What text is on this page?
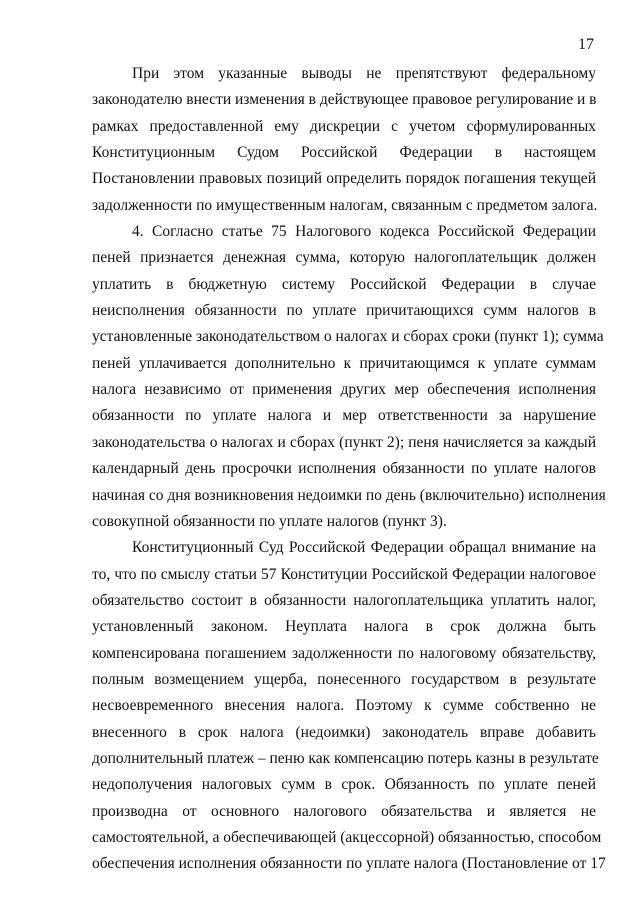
17

При этом указанные выводы не препятствуют федеральному
законодателю внести изменения в действующее правовое регулирование и в
рамках предоставленной ему дискреции с учетом сформулированных
Конституционным Судом Российской Федерации в настоящем
Постановлении правовых позиций определить порядок погашения текущей
задолженности по имущественным налогам, связанным с предметом залога.

4. Согласно статье 75 Налогового кодекса Российской Федерации
пеней признается денежная сумма, которую налогоплательщик должен
уплатить в бюджетную систему Российской Федерации в случае
неисполнения обязанности по уплате причитающихся сумм налогов в
установленные законодательством о налогах и сборах сроки (пункт 1); сумма
пеней уплачивается дополнительно к причитающимся к уплате суммам
налога независимо от применения других мер обеспечения исполнения
обязанности по уплате налога и мер ответственности за нарушение
законодательства о налогах и сборах (пункт 2); пеня начисляется за каждый
календарный день просрочки исполнения обязанности по уплате налогов
начиная со дня возникновения недоимки по день (включительно) исполнения
совокупной обязанности по уплате налогов (пункт 3).

Конституционный Суд Российской Федерации обращал внимание на
то, что по смыслу статьи 57 Конституции Российской Федерации налоговое
обязательство состоит в обязанности налогоплательщика уплатить налог,
установленный законом. Неуплата налога в срок должна быть
компенсирована погашением задолженности по налоговому обязательству,
полным возмещением ущерба, понесенного государством в результате
несвоевременного внесения налога. Поэтому к сумме собственно не
внесенного в срок налога (недоимки) законодатель вправе добавить
дополнительный платеж – пеню как компенсацию потерь казны в результате
недополучения налоговых сумм в срок. Обязанность по уплате пеней
производна от основного налогового обязательства и является не
самостоятельной, а обеспечивающей (акцессорной) обязанностью, способом
обеспечения исполнения обязанности по уплате налога (Постановление от 17
